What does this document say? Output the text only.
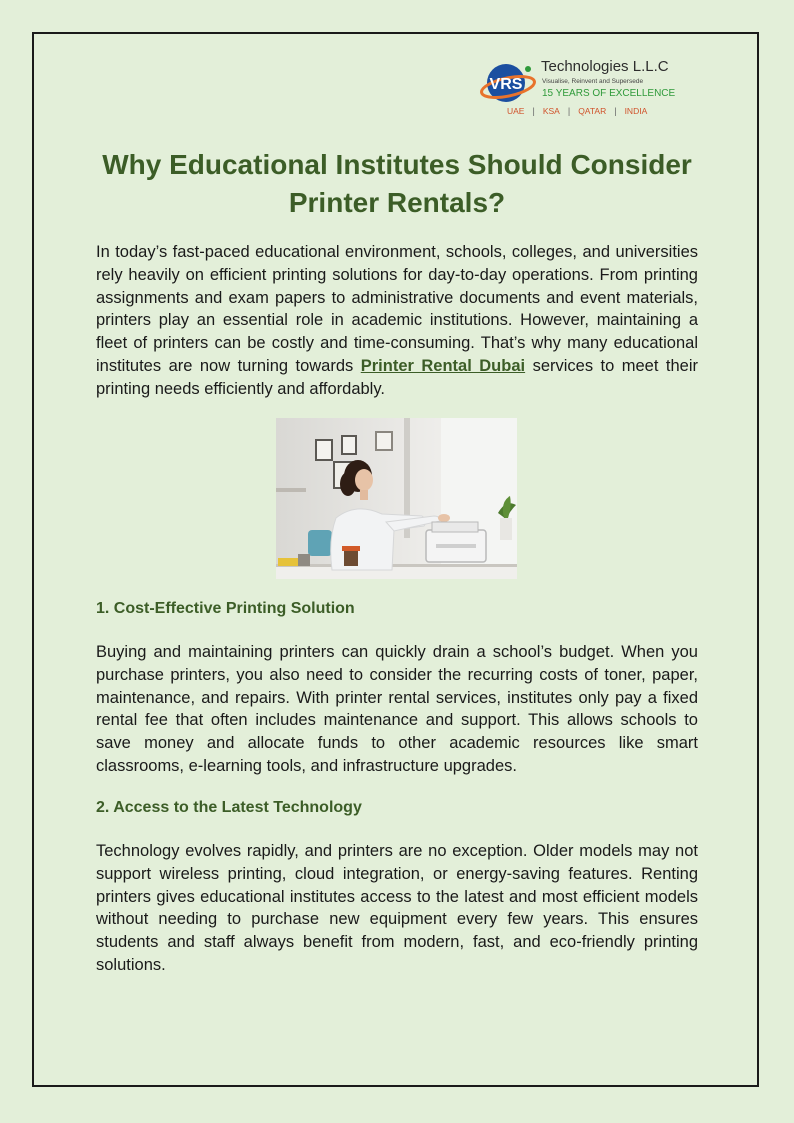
VRS
Technologies L.L.C
Visualise, Reinvent and Supersede
15 YEARS OF EXCELLENCE
UAE | KSA | QATAR | INDIA
Why Educational Institutes Should Consider Printer Rentals?

In today’s fast-paced educational environment, schools, colleges, and universities rely heavily on efficient printing solutions for day-to-day operations. From printing assignments and exam papers to administrative documents and event materials, printers play an essential role in academic institutions. However, maintaining a fleet of printers can be costly and time-consuming. That’s why many educational institutes are now turning towards Printer Rental Dubai services to meet their printing needs efficiently and affordably.

1. Cost-Effective Printing Solution

Buying and maintaining printers can quickly drain a school’s budget. When you purchase printers, you also need to consider the recurring costs of toner, paper, maintenance, and repairs. With printer rental services, institutes only pay a fixed rental fee that often includes maintenance and support. This allows schools to save money and allocate funds to other academic resources like smart classrooms, e-learning tools, and infrastructure upgrades.

2. Access to the Latest Technology

Technology evolves rapidly, and printers are no exception. Older models may not support wireless printing, cloud integration, or energy-saving features. Renting printers gives educational institutes access to the latest and most efficient models without needing to purchase new equipment every few years. This ensures students and staff always benefit from modern, fast, and eco-friendly printing solutions.
